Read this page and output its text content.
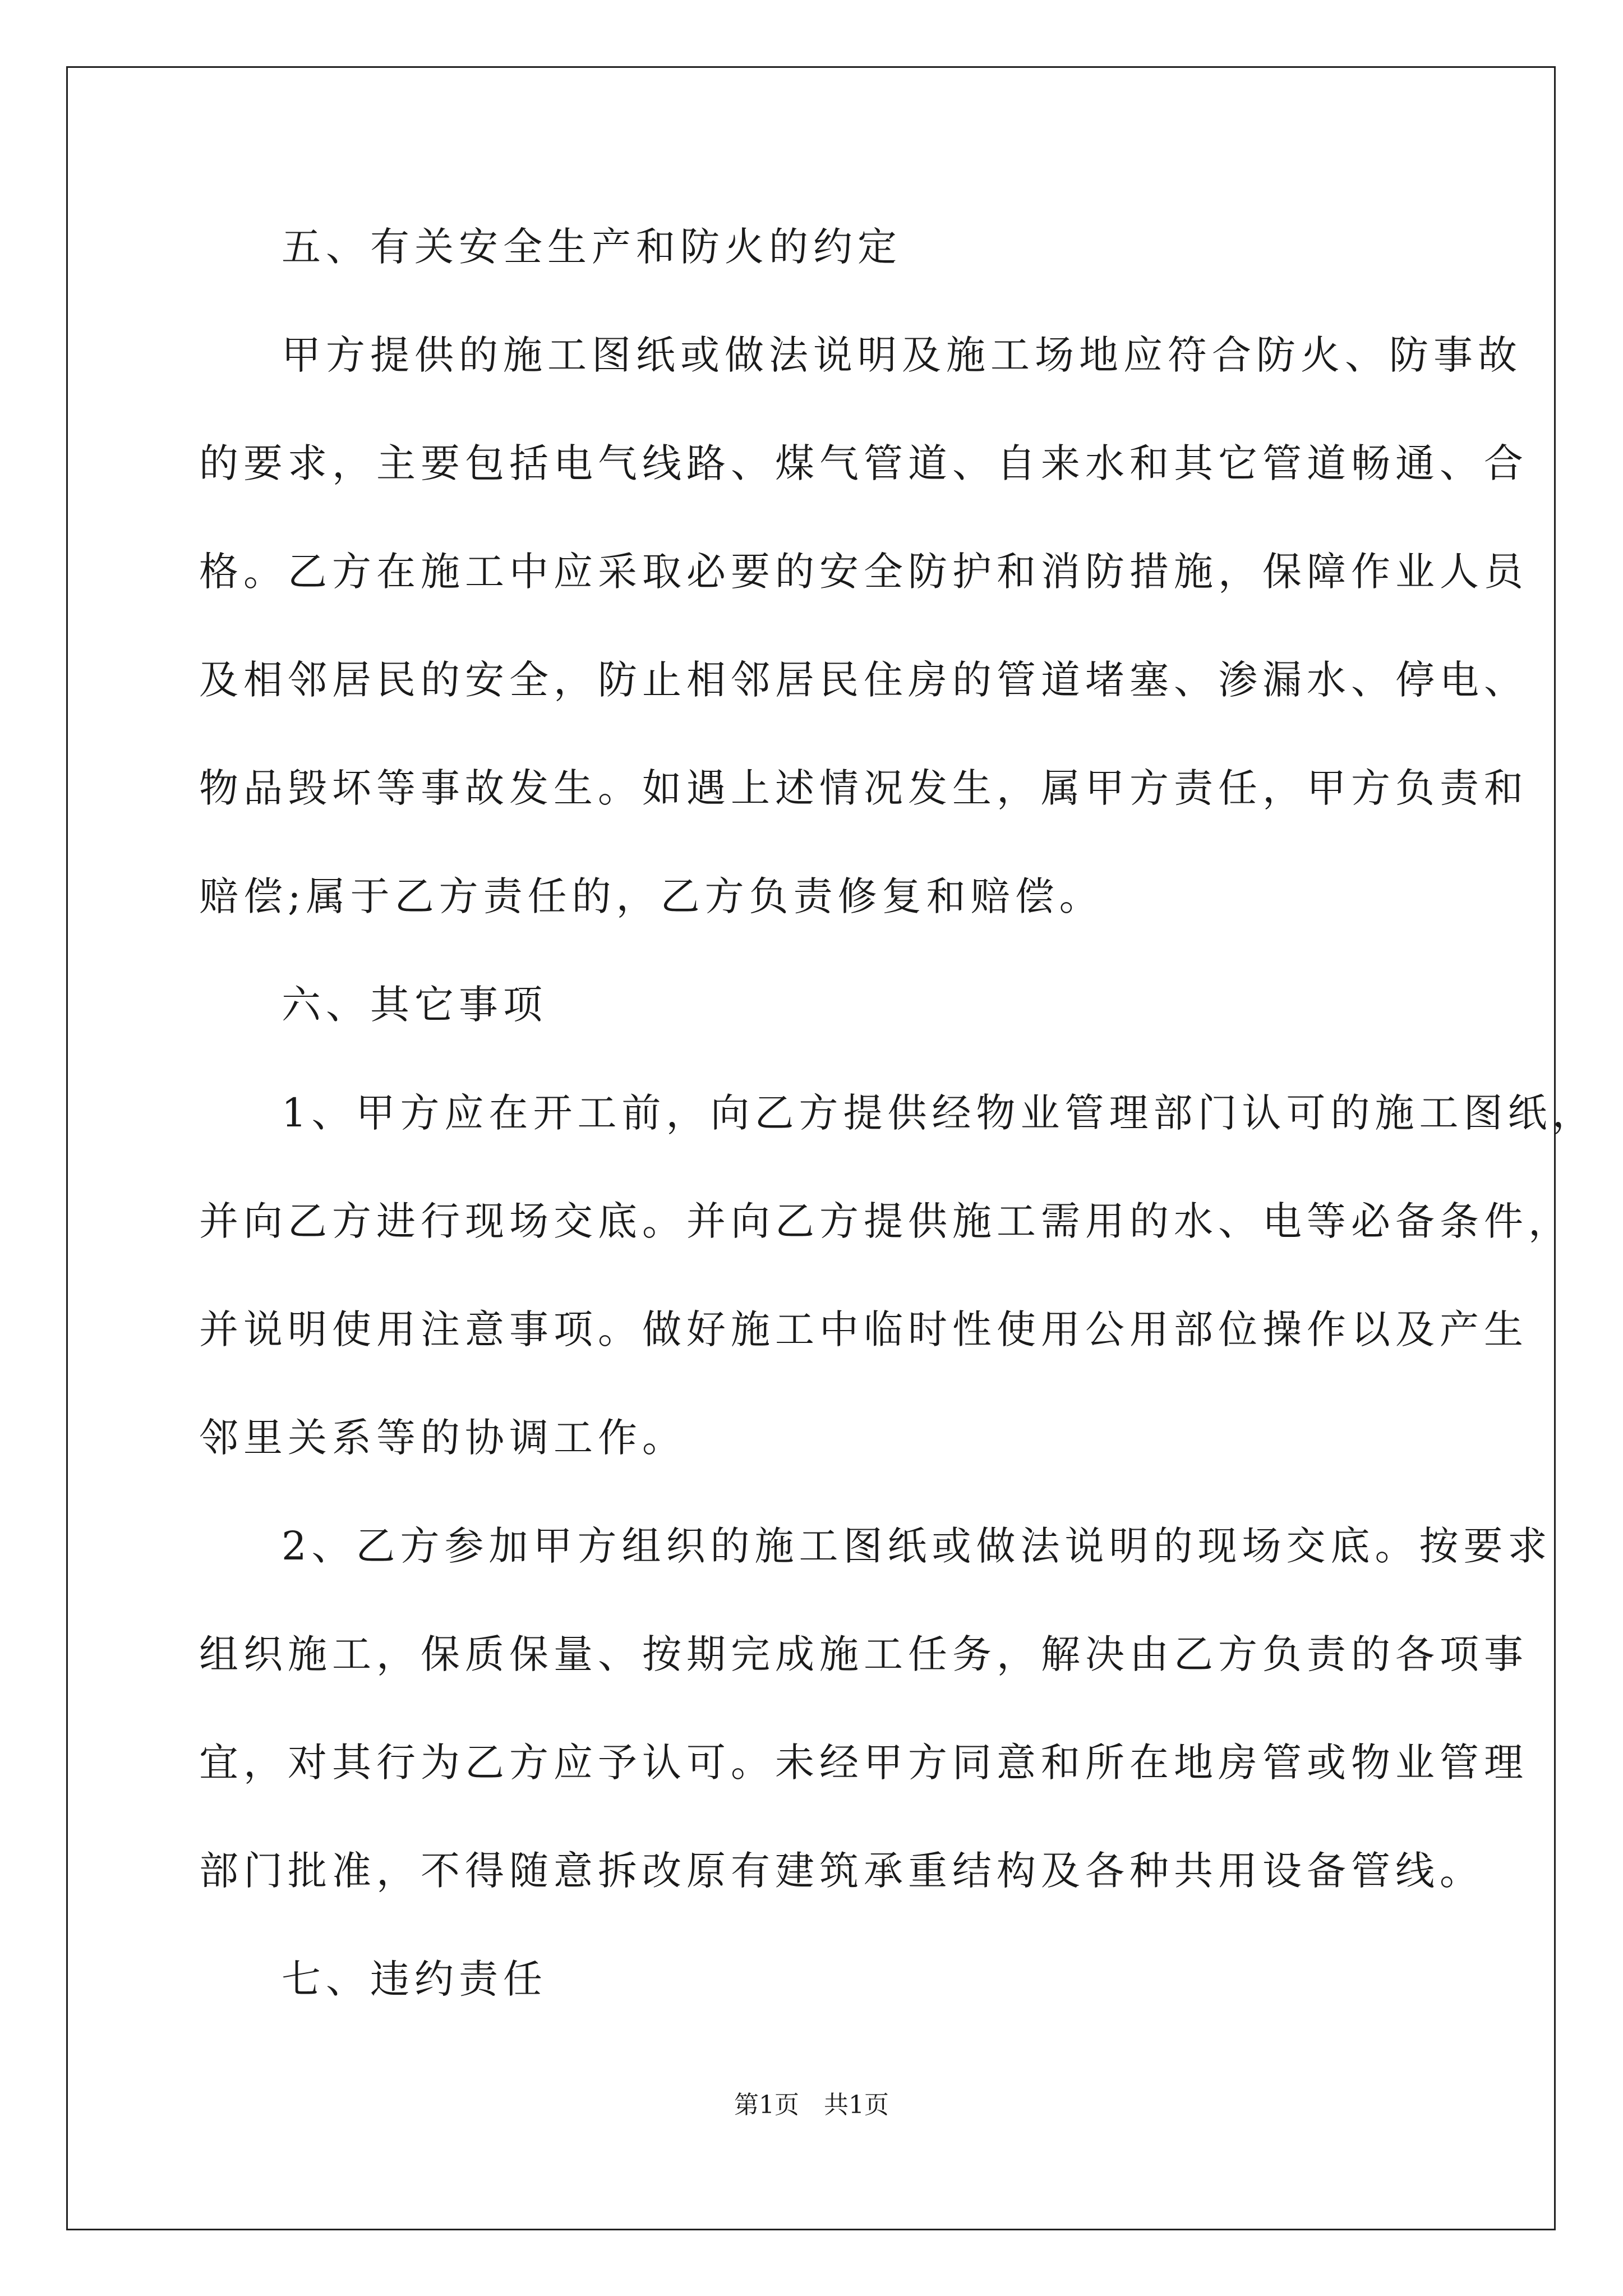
五、有关安全生产和防火的约定
甲方提供的施工图纸或做法说明及施工场地应符合防火、防事故
的要求，主要包括电气线路、煤气管道、自来水和其它管道畅通、合
格。乙方在施工中应采取必要的安全防护和消防措施，保障作业人员
及相邻居民的安全，防止相邻居民住房的管道堵塞、渗漏水、停电、
物品毁坏等事故发生。如遇上述情况发生，属甲方责任，甲方负责和
赔偿;属于乙方责任的，乙方负责修复和赔偿。
六、其它事项
1、甲方应在开工前，向乙方提供经物业管理部门认可的施工图纸，
并向乙方进行现场交底。并向乙方提供施工需用的水、电等必备条件，
并说明使用注意事项。做好施工中临时性使用公用部位操作以及产生
邻里关系等的协调工作。
2、乙方参加甲方组织的施工图纸或做法说明的现场交底。按要求
组织施工，保质保量、按期完成施工任务，解决由乙方负责的各项事
宜，对其行为乙方应予认可。未经甲方同意和所在地房管或物业管理
部门批准，不得随意拆改原有建筑承重结构及各种共用设备管线。
七、违约责任
第1页　共1页
